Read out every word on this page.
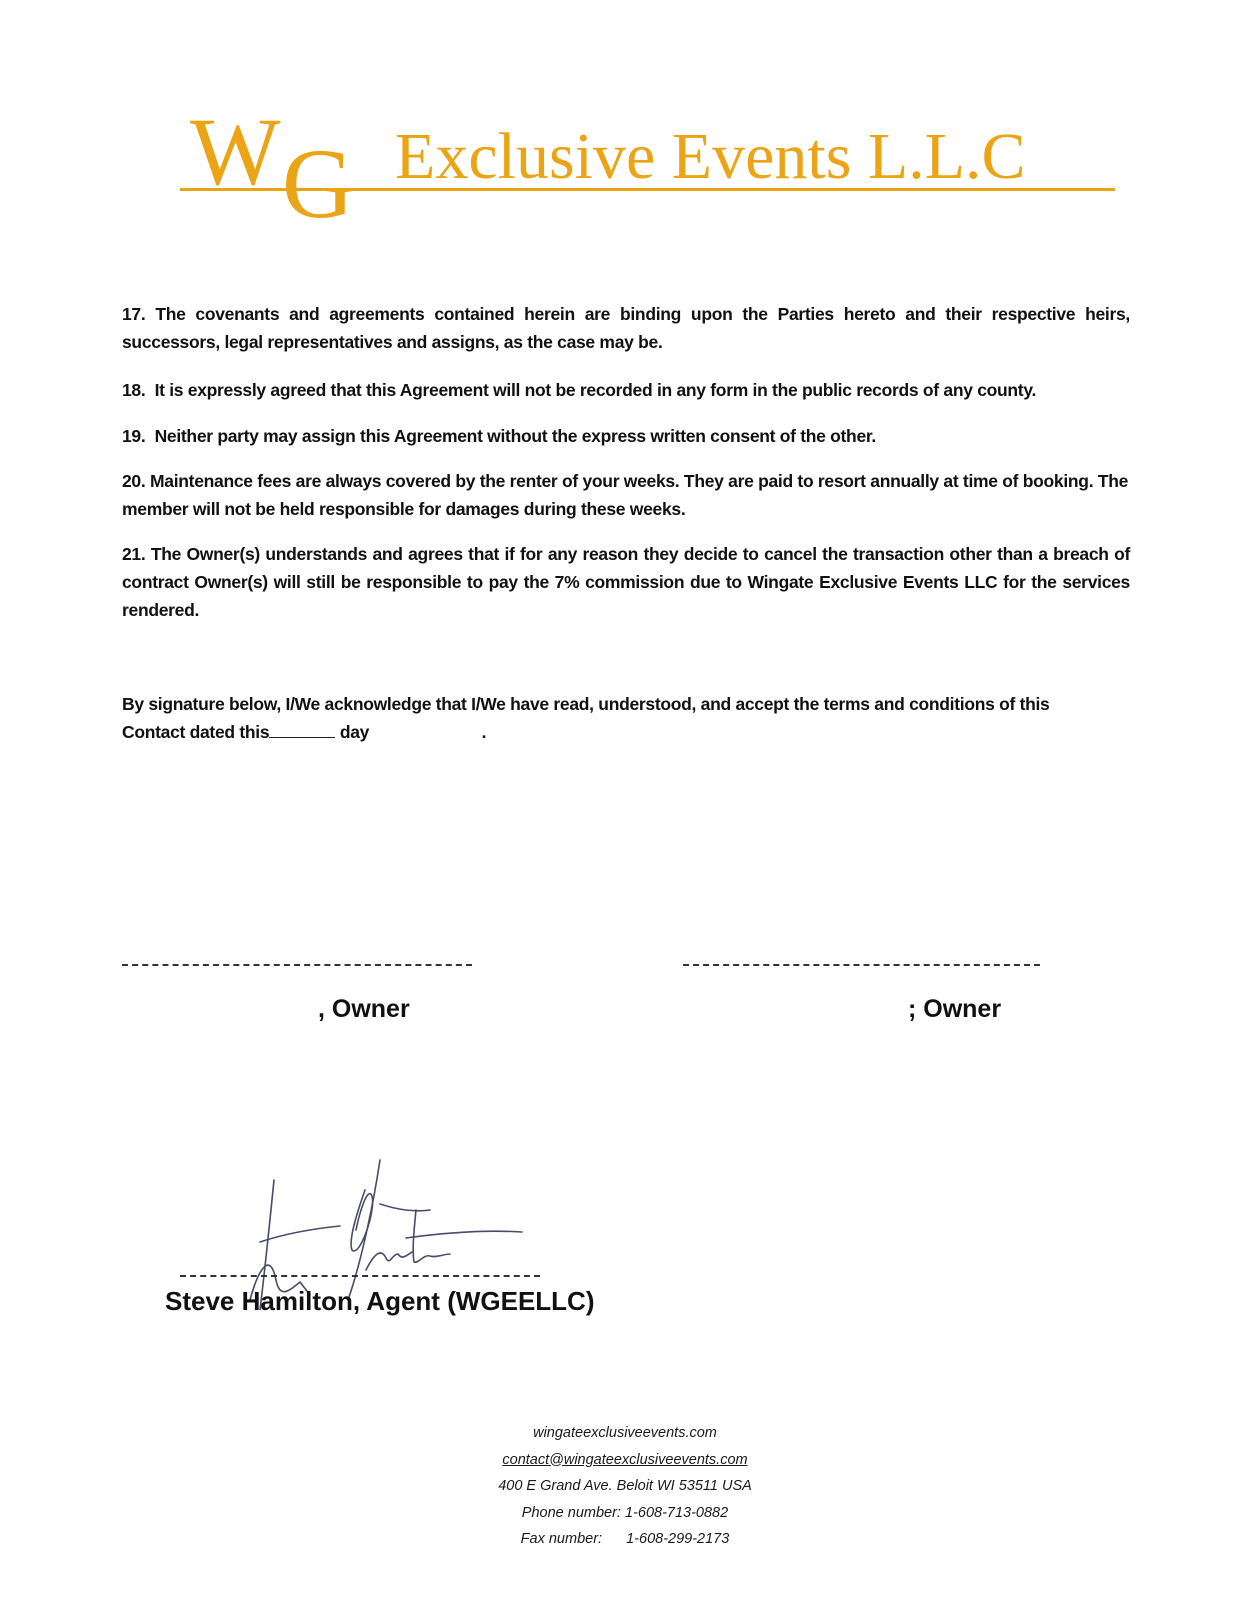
W G Exclusive Events L.L.C
17. The covenants and agreements contained herein are binding upon the Parties hereto and their respective heirs, successors, legal representatives and assigns, as the case may be.
18. It is expressly agreed that this Agreement will not be recorded in any form in the public records of any county.
19. Neither party may assign this Agreement without the express written consent of the other.
20. Maintenance fees are always covered by the renter of your weeks. They are paid to resort annually at time of booking. The member will not be held responsible for damages during these weeks.
21. The Owner(s) understands and agrees that if for any reason they decide to cancel the transaction other than a breach of contract Owner(s) will still be responsible to pay the 7% commission due to Wingate Exclusive Events LLC for the services rendered.
By signature below, I/We acknowledge that I/We have read, understood, and accept the terms and conditions of this
Contact dated this	day	.
, Owner	; Owner
Steve Hamilton, Agent (WGEELLC)
wingateexclusiveevents.com
contact@wingateexclusiveevents.com
400 E Grand Ave. Beloit WI 53511 USA
Phone number: 1-608-713-0882
Fax number: 1-608-299-2173
